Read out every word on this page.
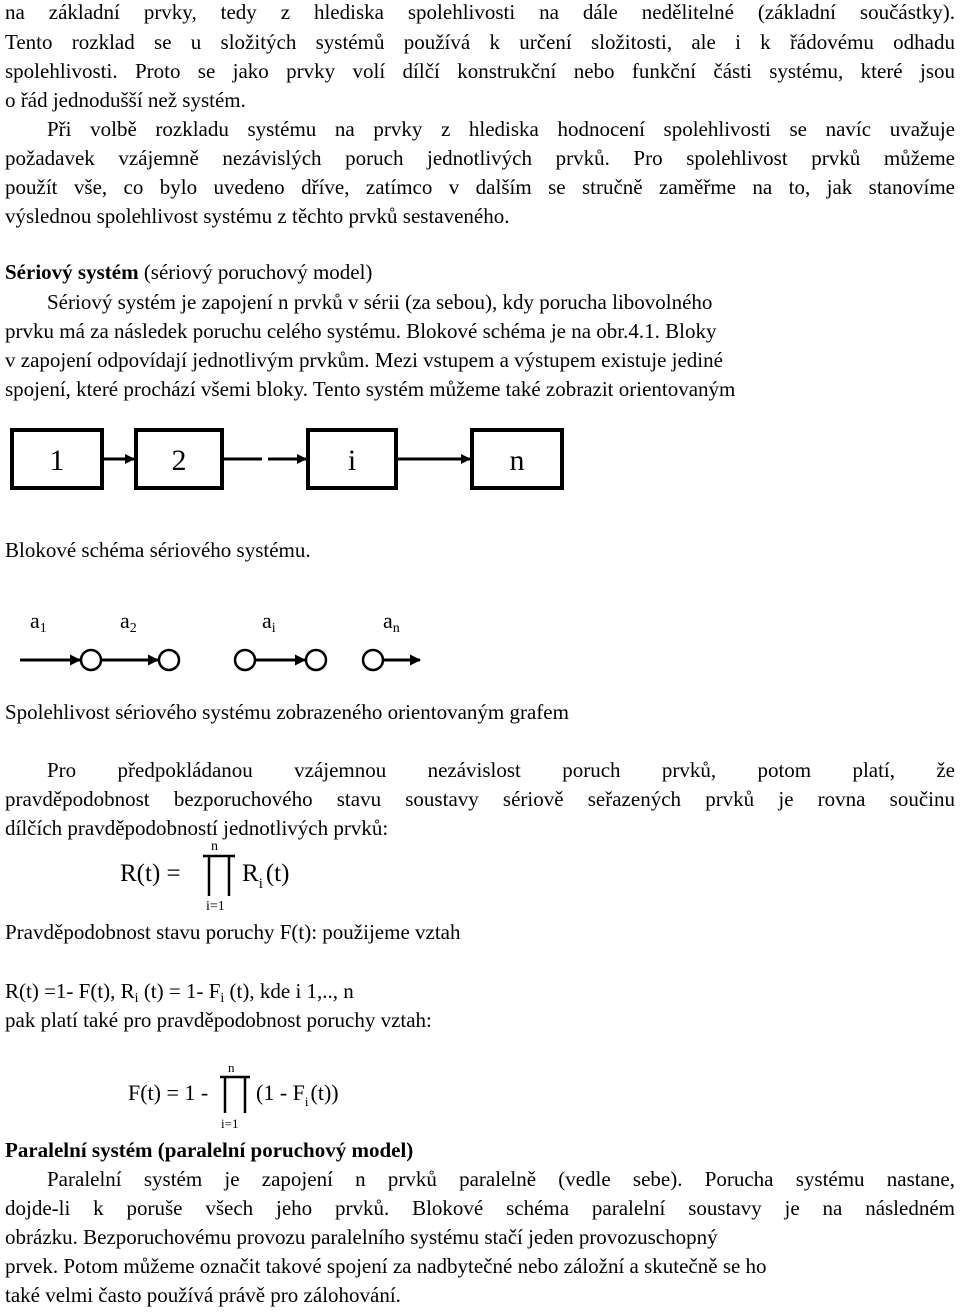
na základní prvky, tedy z hlediska spolehlivosti na dále nedělitelné (základní součástky).
Tento rozklad se u složitých systémů používá k určení složitosti, ale i k řádovému odhadu
spolehlivosti. Proto se jako prvky volí dílčí konstrukční nebo funkční části systému, které jsou
o řád jednodušší než systém.
Při volbě rozkladu systému na prvky z hlediska hodnocení spolehlivosti se navíc uvažuje
požadavek vzájemně nezávislých poruch jednotlivých prvků. Pro spolehlivost prvků můžeme
použít vše, co bylo uvedeno dříve, zatímco v dalším se stručně zaměřme na to, jak stanovíme
výslednou spolehlivost systému z těchto prvků sestaveného.
Sériový systém (sériový poruchový model)
Sériový systém je zapojení n prvků v sérii (za sebou), kdy porucha libovolného
prvku má za následek poruchu celého systému. Blokové schéma je na obr.4.1. Bloky
v zapojení odpovídají jednotlivým prvkům. Mezi vstupem a výstupem existuje jediné
spojení, které prochází všemi bloky. Tento systém můžeme také zobrazit orientovaným
1	2	i	n
Blokové schéma sériového systému.
a1	a2	ai	an
Spolehlivost sériového systému zobrazeného orientovaným grafem
Pro předpokládanou vzájemnou nezávislost poruch prvků, potom platí, že
pravděpodobnost bezporuchového stavu soustavy sériově seřazených prvků je rovna součinu
dílčích pravděpodobností jednotlivých prvků:
R(t) =
n
i=1
$R_i$ (t)
Pravděpodobnost stavu poruchy F(t): použijeme vztah
R(t) =1- F(t), $R_i$ (t) = 1- $F_i$ (t), kde i 1,.., n
pak platí také pro pravděpodobnost poruchy vztah:
F(t) = 1 -
n
i=1
$(1 - F_i(t))$
Paralelní systém (paralelní poruchový model)
Paralelní systém je zapojení n prvků paralelně (vedle sebe). Porucha systému nastane,
dojde-li k poruše všech jeho prvků. Blokové schéma paralelní soustavy je na následném
obrázku. Bezporuchovému provozu paralelního systému stačí jeden provozuschopný
prvek. Potom můžeme označit takové spojení za nadbytečné nebo záložní a skutečně se ho
také velmi často používá právě pro zálohování.
